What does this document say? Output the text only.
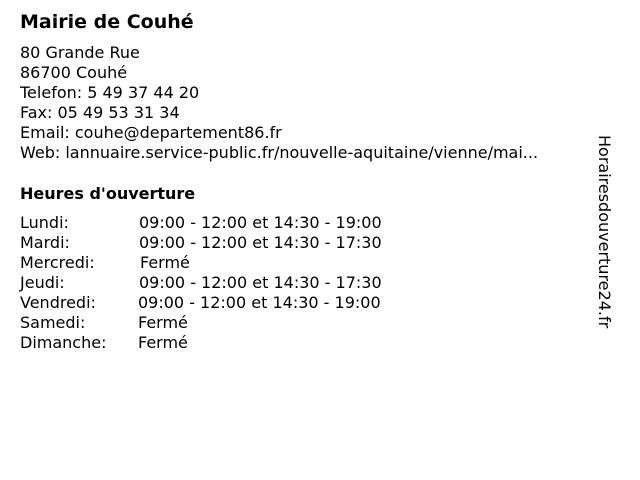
Mairie de Couhé
80 Grande Rue
86700 Couhé
Telefon: 5 49 37 44 20
Fax: 05 49 53 31 34
Email: couhe@departement86.fr
Web: lannuaire.service-public.fr/nouvelle-aquitaine/vienne/mai...
Heures d'ouverture
Lundi:	09:00 - 12:00 et 14:30 - 19:00
Mardi:	09:00 - 12:00 et 14:30 - 17:30
Mercredi:	Fermé
Jeudi:	09:00 - 12:00 et 14:30 - 17:30
Vendredi:	09:00 - 12:00 et 14:30 - 19:00
Samedi:	Fermé
Dimanche: Fermé
Horairesdouverture24.fr
